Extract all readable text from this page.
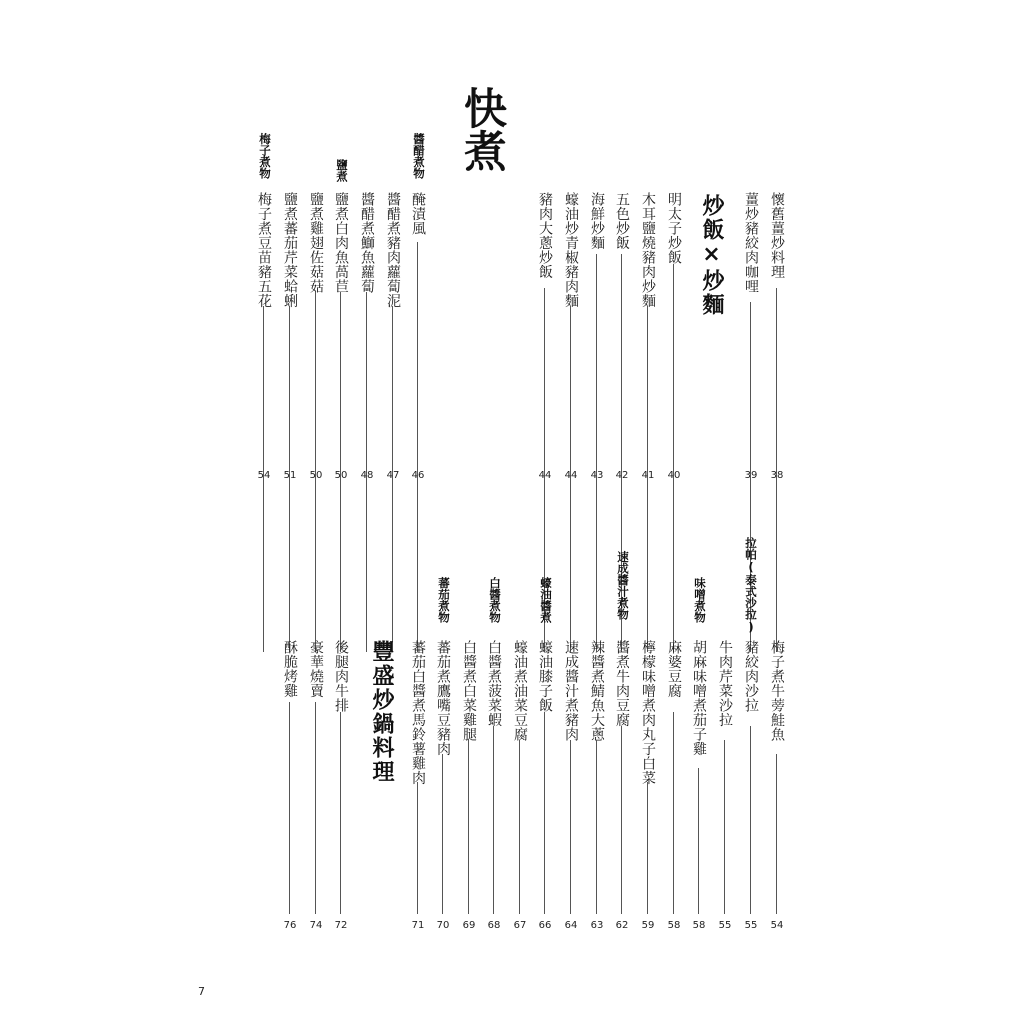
快煮
炒飯×炒麵
醬醋煮物
鹽煮
梅子煮物
懷舊薑炒料理
38
薑炒豬絞肉咖哩
39
明太子炒飯
40
木耳鹽燒豬肉炒麵
41
五色炒飯
42
海鮮炒麵
43
蠔油炒青椒豬肉麵
44
豬肉大蔥炒飯
44
醃漬風
46
醬醋煮豬肉蘿蔔泥
47
醬醋煮鰤魚蘿蔔
48
鹽煮白肉魚萵苣
50
鹽煮雞翅佐菇菇
50
鹽煮蕃茄芹菜蛤蜊
51
梅子煮豆苗豬五花
54
豐盛炒鍋料理
拉帕(泰式沙拉)
味噌煮物
速成醬汁煮物
蠔油醬煮
白醬煮物
蕃茄煮物
梅子煮牛蒡鮭魚
54
豬絞肉沙拉
55
牛肉芹菜沙拉
55
胡麻味噌煮茄子雞
58
麻婆豆腐
58
檸檬味噌煮肉丸子白菜
59
醬煮牛肉豆腐
62
辣醬煮鯖魚大蔥
63
速成醬汁煮豬肉
64
蠔油膝子飯
66
蠔油煮油菜豆腐
67
白醬煮菠菜蝦
68
白醬煮白菜雞腿
69
蕃茄煮鷹嘴豆豬肉
70
蕃茄白醬煮馬鈴薯雞肉
71
後腿肉牛排
72
豪華燒賣
74
酥脆烤雞
76
7
